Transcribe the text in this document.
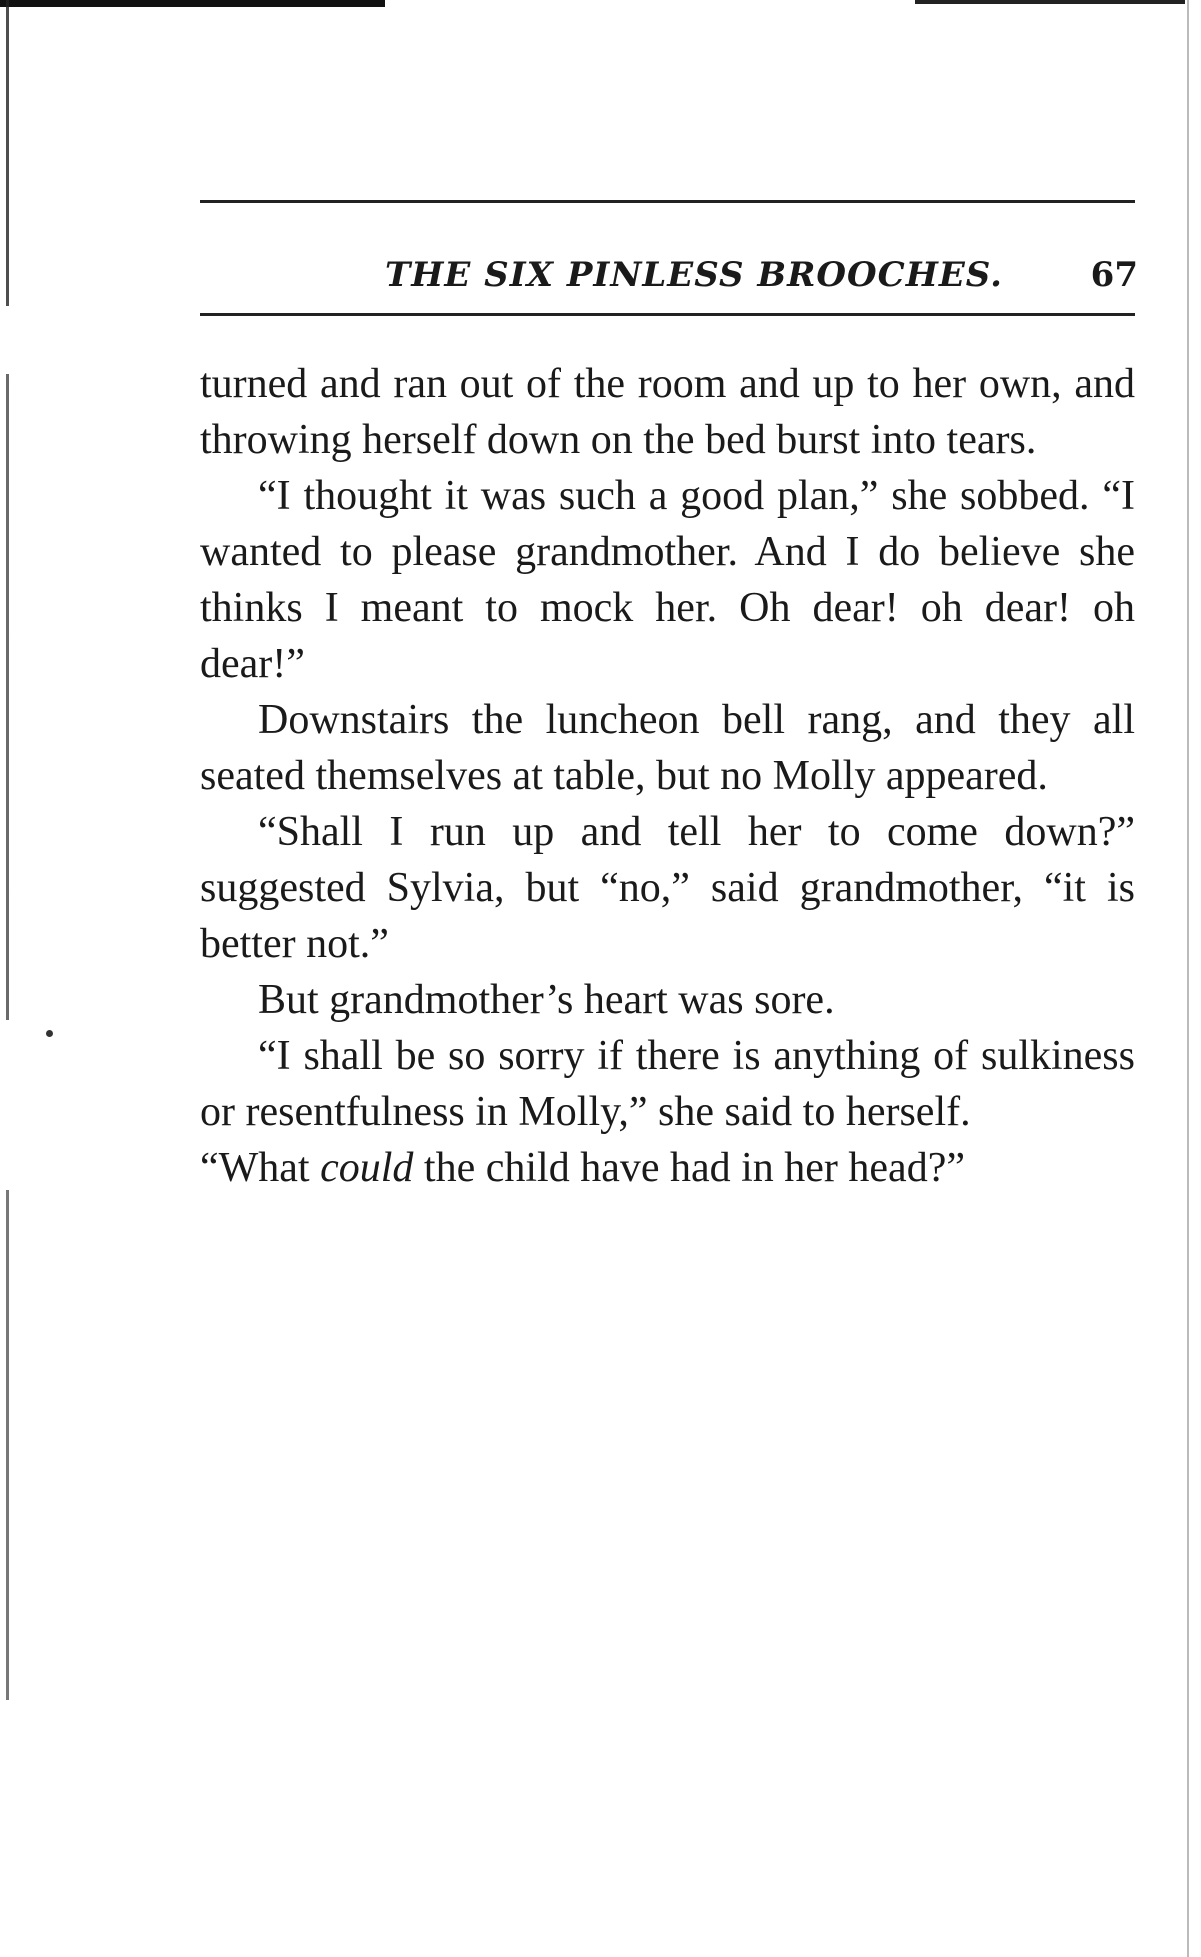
THE SIX PINLESS BROOCHES.	67

turned and ran out of the room and up to her own, and throwing herself down on the bed burst into tears.

“I thought it was such a good plan,” she sobbed. “I wanted to please grandmother. And I do believe she thinks I meant to mock her. Oh dear! oh dear! oh dear!”

Downstairs the luncheon bell rang, and they all seated themselves at table, but no Molly appeared.

“Shall I run up and tell her to come down?” suggested Sylvia, but “no,” said grandmother, “it is better not.”

But grandmother’s heart was sore.

“I shall be so sorry if there is anything of sulkiness or resentfulness in Molly,” she said to herself.

“What could the child have had in her head?”
